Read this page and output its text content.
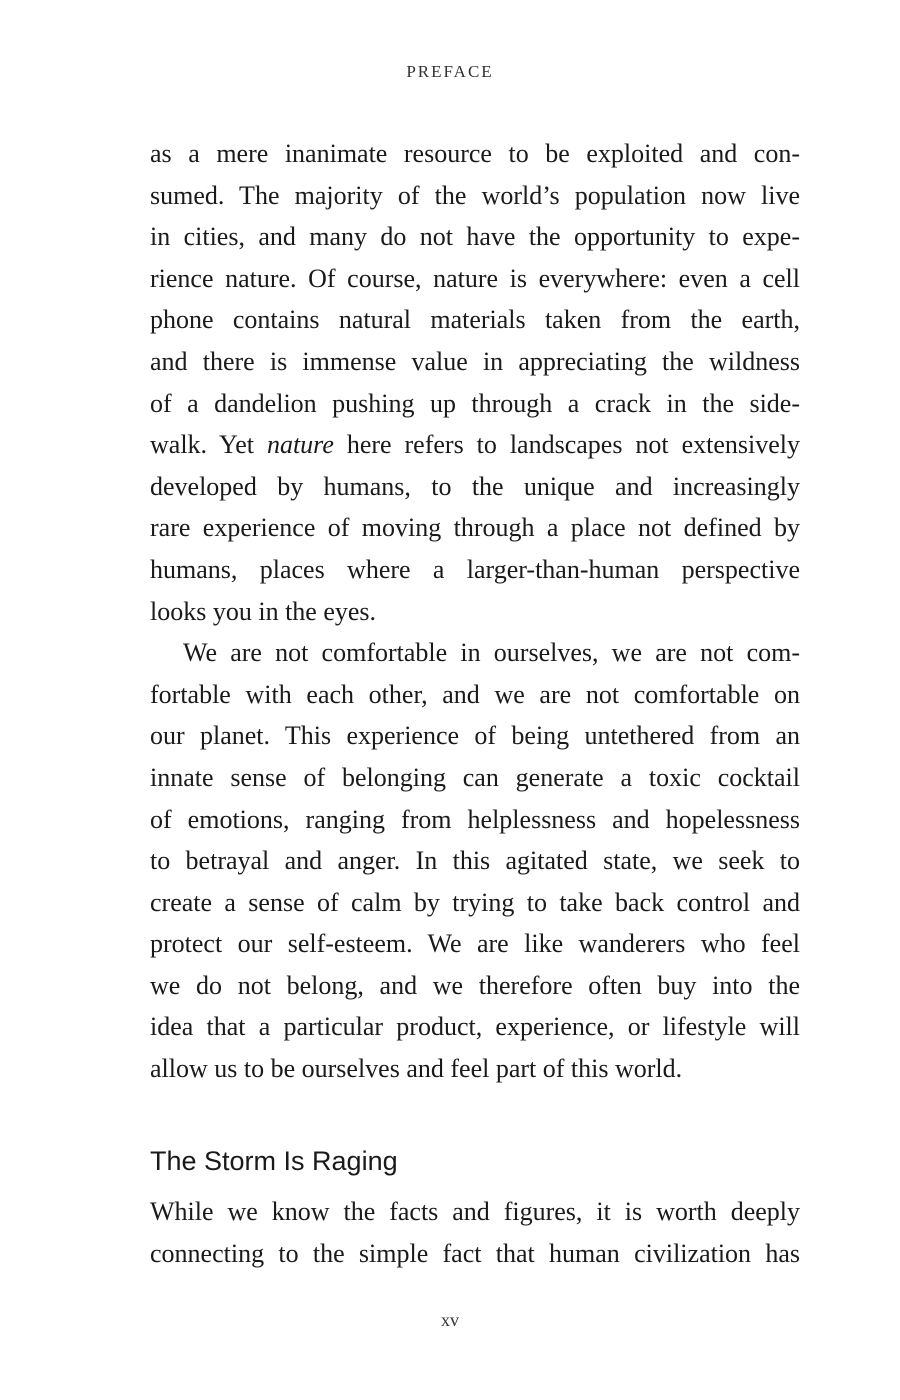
PREFACE

as a mere inanimate resource to be exploited and con-
sumed. The majority of the world’s population now live
in cities, and many do not have the opportunity to expe-
rience nature. Of course, nature is everywhere: even a cell
phone contains natural materials taken from the earth,
and there is immense value in appreciating the wildness
of a dandelion pushing up through a crack in the side-
walk. Yet nature here refers to landscapes not extensively
developed by humans, to the unique and increasingly
rare experience of moving through a place not defined by
humans, places where a larger-than-human perspective
looks you in the eyes.

We are not comfortable in ourselves, we are not com-
fortable with each other, and we are not comfortable on
our planet. This experience of being untethered from an
innate sense of belonging can generate a toxic cocktail
of emotions, ranging from helplessness and hopelessness
to betrayal and anger. In this agitated state, we seek to
create a sense of calm by trying to take back control and
protect our self-esteem. We are like wanderers who feel
we do not belong, and we therefore often buy into the
idea that a particular product, experience, or lifestyle will
allow us to be ourselves and feel part of this world.

The Storm Is Raging

While we know the facts and figures, it is worth deeply
connecting to the simple fact that human civilization has

xv
